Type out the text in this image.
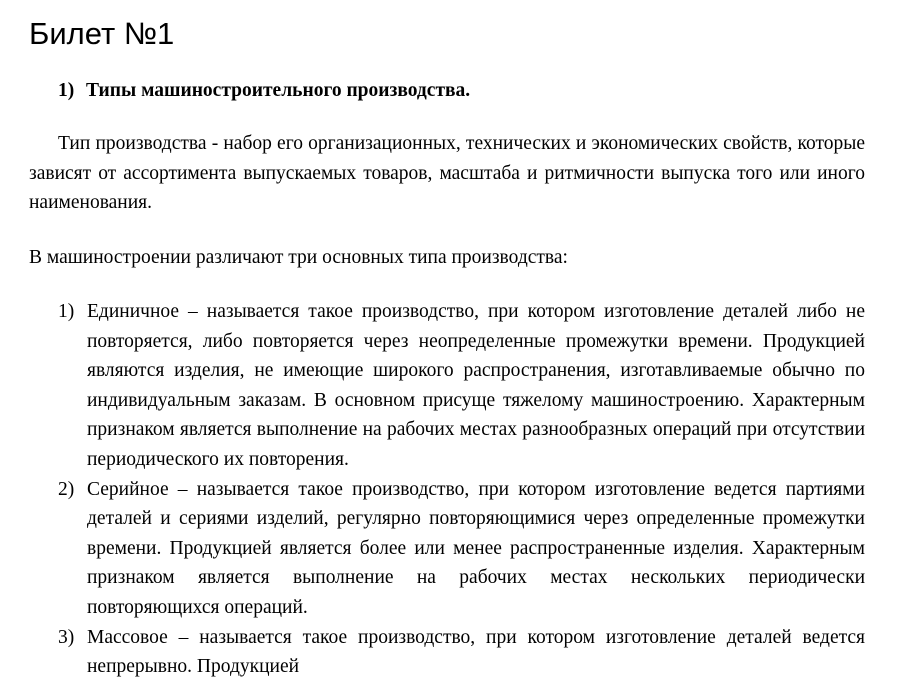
Билет №1

1) Типы машиностроительного производства.

Тип производства - набор его организационных, технических и экономических свойств, которые зависят от ассортимента выпускаемых товаров, масштаба и ритмичности выпуска того или иного наименования.

В машиностроении различают три основных типа производства:

1) Единичное – называется такое производство, при котором изготовление деталей либо не повторяется, либо повторяется через неопределенные промежутки времени. Продукцией являются изделия, не имеющие широкого распространения, изготавливаемые обычно по индивидуальным заказам. В основном присуще тяжелому машиностроению. Характерным признаком является выполнение на рабочих местах разнообразных операций при отсутствии периодического их повторения.
2) Серийное – называется такое производство, при котором изготовление ведется партиями деталей и сериями изделий, регулярно повторяющимися через определенные промежутки времени. Продукцией является более или менее распространенные изделия. Характерным признаком является выполнение на рабочих местах нескольких периодически повторяющихся операций.
3) Массовое – называется такое производство, при котором изготовление деталей ведется непрерывно. Продукцией
